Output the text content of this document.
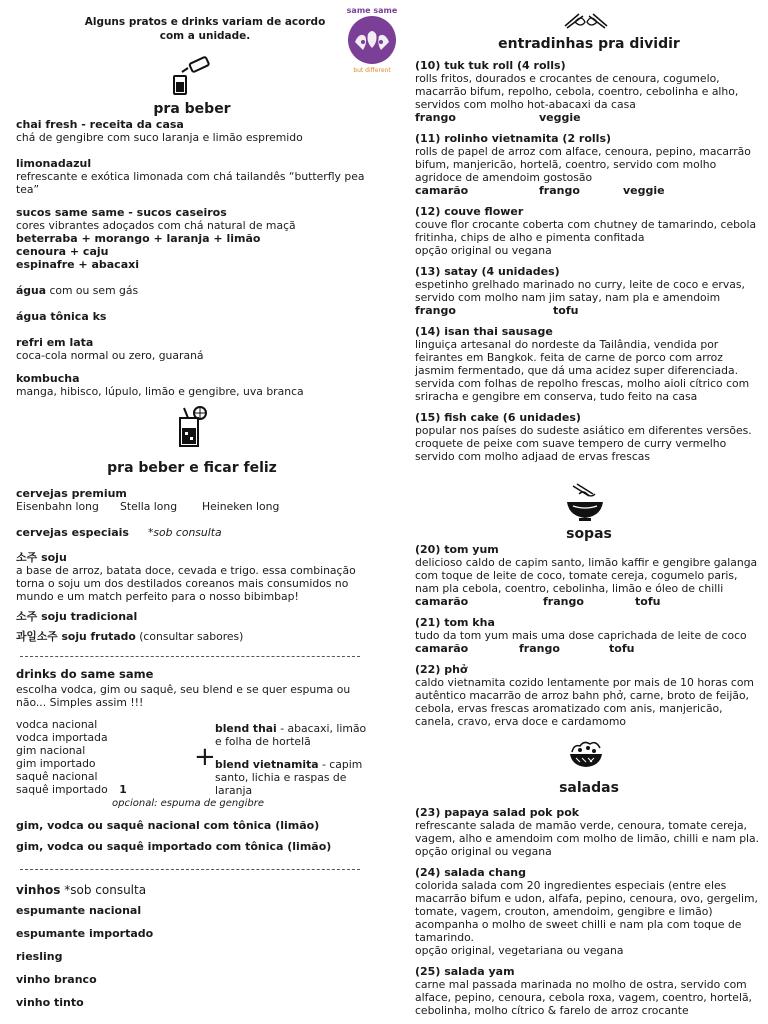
Alguns pratos e drinks variam de acordo com a unidade.
same same
but different
pra beber
chai fresh - receita da casa
chá de gengibre com suco laranja e limão espremido
limonadazul
refrescante e exótica limonada com chá tailandês “butterfly pea tea”
sucos same same - sucos caseiros
cores vibrantes adoçados com chá natural de maçã
beterraba + morango + laranja + limão
cenoura + caju
espinafre + abacaxi
água com ou sem gás
água tônica ks
refri em lata
coca-cola normal ou zero, guaraná
kombucha
manga, hibisco, lúpulo, limão e gengibre, uva branca
pra beber e ficar feliz
cervejas premium
Eisenbahn long	Stella long	Heineken long
cervejas especiais	*sob consulta
소주 soju
a base de arroz, batata doce, cevada e trigo. essa combinação torna o soju um dos destilados coreanos mais consumidos no mundo e um match perfeito para o nosso bibimbap!
소주 soju tradicional
과일소주 soju frutado (consultar sabores)
drinks do same same
escolha vodca, gim ou saquê, seu blend e se quer espuma ou não... Simples assim !!!
vodca nacional
vodca importada
gim nacional
gim importado
saquê nacional
saquê importado 1
+
blend thai - abacaxi, limão e folha de hortelã
blend vietnamita - capim santo, lichia e raspas de laranja
opcional: espuma de gengibre
gim, vodca ou saquê nacional com tônica (limão)
gim, vodca ou saquê importado com tônica (limão)
vinhos *sob consulta
espumante nacional
espumante importado
riesling
vinho branco
vinho tinto
entradinhas pra dividir
(10) tuk tuk roll (4 rolls)
rolls fritos, dourados e crocantes de cenoura, cogumelo, macarrão bifum, repolho, cebola, coentro, cebolinha e alho, servidos com molho hot-abacaxi da casa
frango	veggie
(11) rolinho vietnamita (2 rolls)
rolls de papel de arroz com alface, cenoura, pepino, macarrão bifum, manjericão, hortelã, coentro, servido com molho agridoce de amendoim gostosão
camarão	frango	veggie
(12) couve flower
couve flor crocante coberta com chutney de tamarindo, cebola fritinha, chips de alho e pimenta confitada
opção original ou vegana
(13) satay (4 unidades)
espetinho grelhado marinado no curry, leite de coco e ervas, servido com molho nam jim satay, nam pla e amendoim
frango	tofu
(14) isan thai sausage
linguiça artesanal do nordeste da Tailândia, vendida por feirantes em Bangkok. feita de carne de porco com arroz jasmim fermentado, que dá uma acidez super diferenciada. servida com folhas de repolho frescas, molho aioli cítrico com sriracha e gengibre em conserva, tudo feito na casa
(15) fish cake (6 unidades)
popular nos países do sudeste asiático em diferentes versões. croquete de peixe com suave tempero de curry vermelho servido com molho adjaad de ervas frescas
sopas
(20) tom yum
delicioso caldo de capim santo, limão kaffir e gengibre galanga com toque de leite de coco, tomate cereja, cogumelo paris, nam pla cebola, coentro, cebolinha, limão e óleo de chilli
camarão	frango	tofu
(21) tom kha
tudo da tom yum mais uma dose caprichada de leite de coco
camarão	frango	tofu
(22) phở
caldo vietnamita cozido lentamente por mais de 10 horas com autêntico macarrão de arroz bahn phở, carne, broto de feijão, cebola, ervas frescas aromatizado com anis, manjericão, canela, cravo, erva doce e cardamomo
saladas
(23) papaya salad pok pok
refrescante salada de mamão verde, cenoura, tomate cereja, vagem, alho e amendoim com molho de limão, chilli e nam pla.
opção original ou vegana
(24) salada chang
colorida salada com 20 ingredientes especiais (entre eles macarrão bifum e udon, alfafa, pepino, cenoura, ovo, gergelim, tomate, vagem, crouton, amendoim, gengibre e limão) acompanha o molho de sweet chilli e nam pla com toque de tamarindo.
opção original, vegetariana ou vegana
(25) salada yam
carne mal passada marinada no molho de ostra, servido com alface, pepino, cenoura, cebola roxa, vagem, coentro, hortelã, cebolinha, molho cítrico & farelo de arroz crocante
